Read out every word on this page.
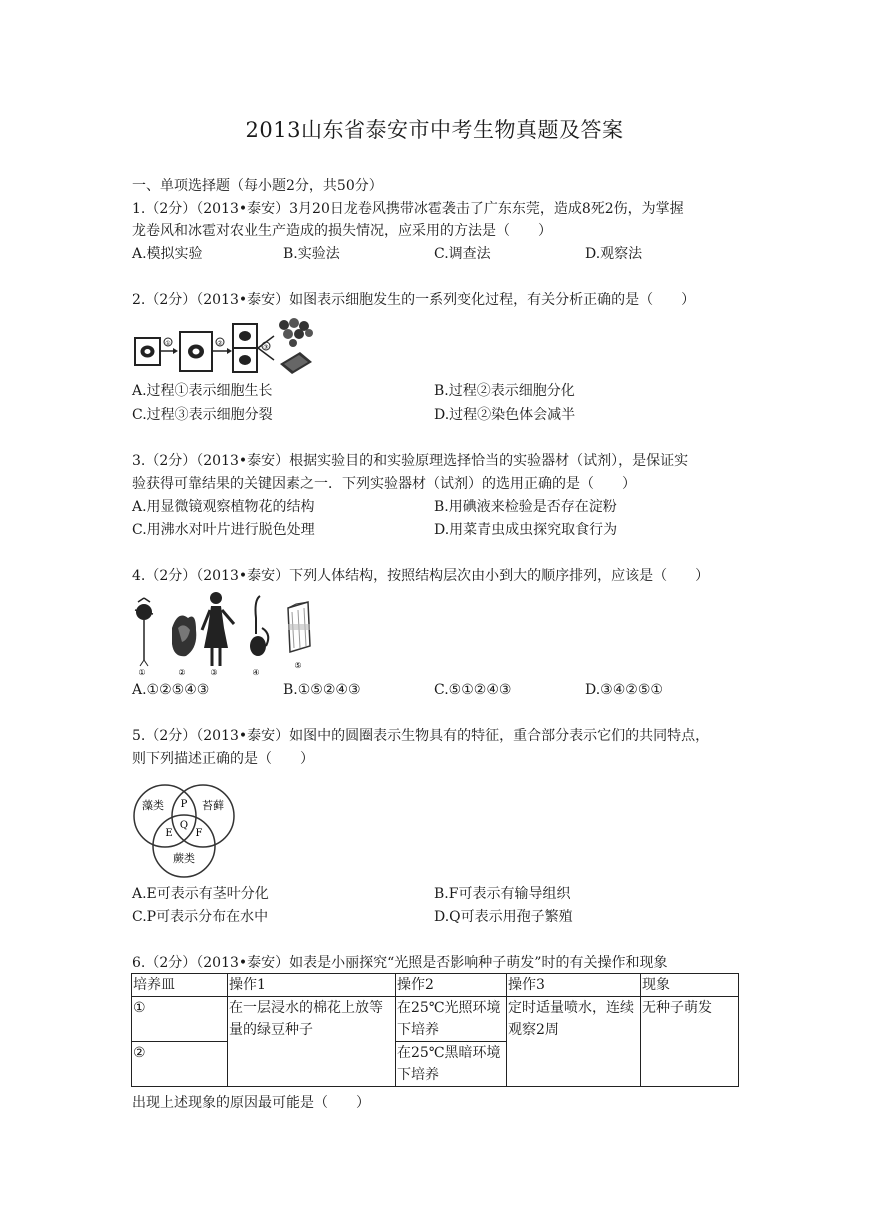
2013山东省泰安市中考生物真题及答案
一、单项选择题（每小题2分，共50分）
1.（2分）（2013•泰安）3月20日龙卷风携带冰雹袭击了广东东莞，造成8死2伤，为掌握
龙卷风和冰雹对农业生产造成的损失情况，应采用的方法是（　　）
A.模拟实验	B.实验法	C.调查法	D.观察法
2.（2分）（2013•泰安）如图表示细胞发生的一系列变化过程，有关分析正确的是（　　）
①	②
③
A.过程①表示细胞生长	B.过程②表示细胞分化
C.过程③表示细胞分裂	D.过程②染色体会减半
3.（2分）（2013•泰安）根据实验目的和实验原理选择恰当的实验器材（试剂），是保证实
验获得可靠结果的关键因素之一．下列实验器材（试剂）的选用正确的是（　　）
A.用显微镜观察植物花的结构	B.用碘液来检验是否存在淀粉
C.用沸水对叶片进行脱色处理	D.用菜青虫成虫探究取食行为
4.（2分）（2013•泰安）下列人体结构，按照结构层次由小到大的顺序排列，应该是（　　）
①	②	③	④
⑤
A.①②⑤④③	B.①⑤②④③	C.⑤①②④③	D.③④②⑤①
5.（2分）（2013•泰安）如图中的圆圈表示生物具有的特征，重合部分表示它们的共同特点，
则下列描述正确的是（　　）
藻类	苔藓
蕨类
P
Q
E F
A.E可表示有茎叶分化	B.F可表示有输导组织
C.P可表示分布在水中	D.Q可表示用孢子繁殖
6.（2分）（2013•泰安）如表是小丽探究“光照是否影响种子萌发”时的有关操作和现象
培养皿	操作1	操作2	操作3	现象
①	在一层浸水的棉花上放等量的绿豆种子	在25℃光照环境下培养	定时适量喷水，连续观察2周	无种子萌发
②		在25℃黑暗环境下培养		
出现上述现象的原因最可能是（　　）
